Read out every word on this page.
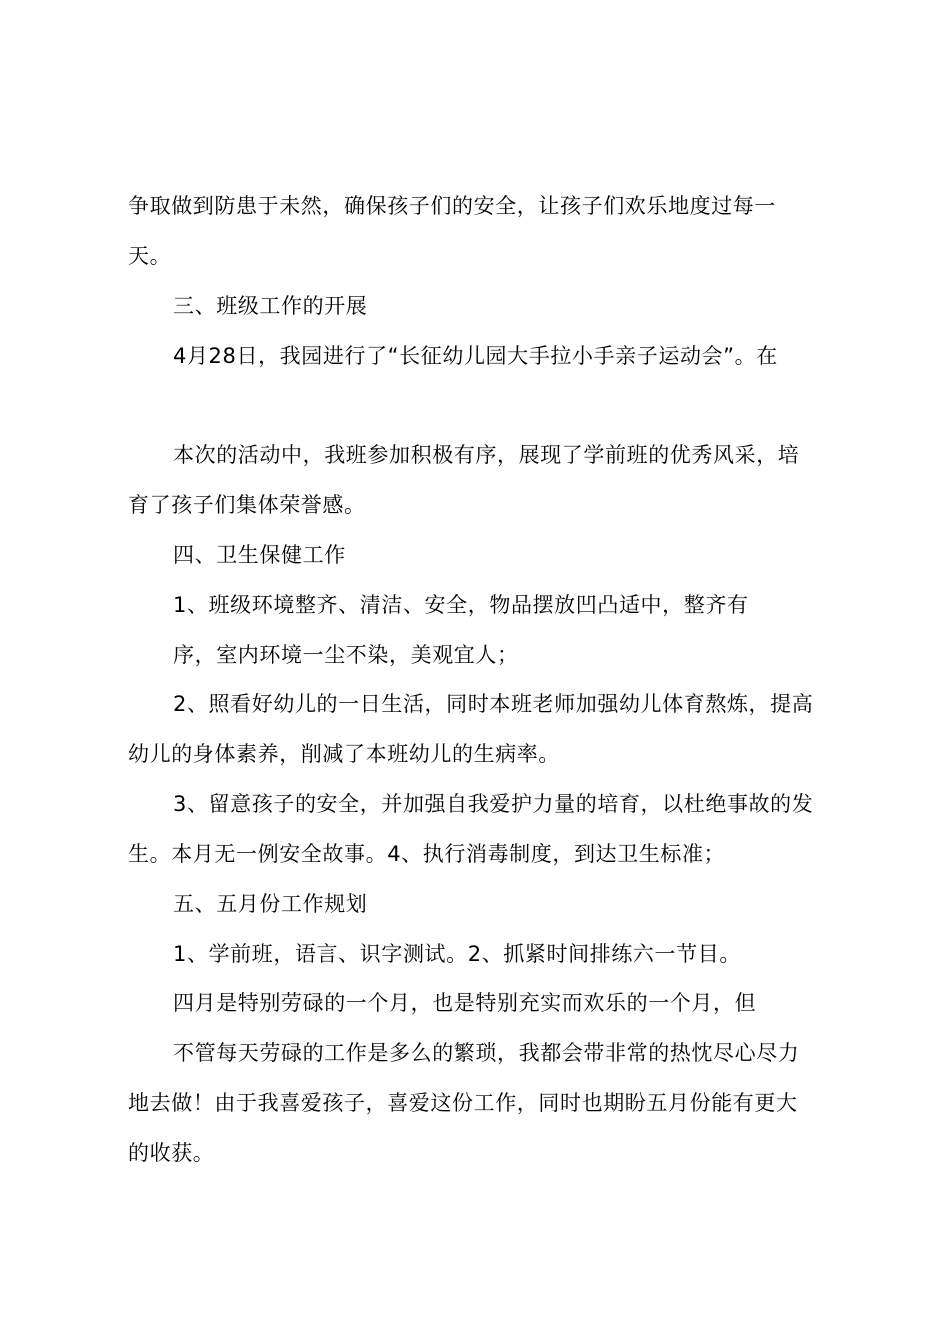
争取做到防患于未然，确保孩子们的安全，让孩子们欢乐地度过每一
天。
三、班级工作的开展
4月28日，我园进行了“长征幼儿园大手拉小手亲子运动会”。在
本次的活动中，我班参加积极有序，展现了学前班的优秀风采，培
育了孩子们集体荣誉感。
四、卫生保健工作
1、班级环境整齐、清洁、安全，物品摆放凹凸适中，整齐有
序，室内环境一尘不染，美观宜人；
2、照看好幼儿的一日生活，同时本班老师加强幼儿体育熬炼，提高
幼儿的身体素养，削减了本班幼儿的生病率。
3、留意孩子的安全，并加强自我爱护力量的培育，以杜绝事故的发
生。本月无一例安全故事。4、执行消毒制度，到达卫生标准；
五、五月份工作规划
1、学前班，语言、识字测试。2、抓紧时间排练六一节目。
四月是特别劳碌的一个月，也是特别充实而欢乐的一个月，但
不管每天劳碌的工作是多么的繁琐，我都会带非常的热忱尽心尽力
地去做！由于我喜爱孩子，喜爱这份工作，同时也期盼五月份能有更大
的收获。
